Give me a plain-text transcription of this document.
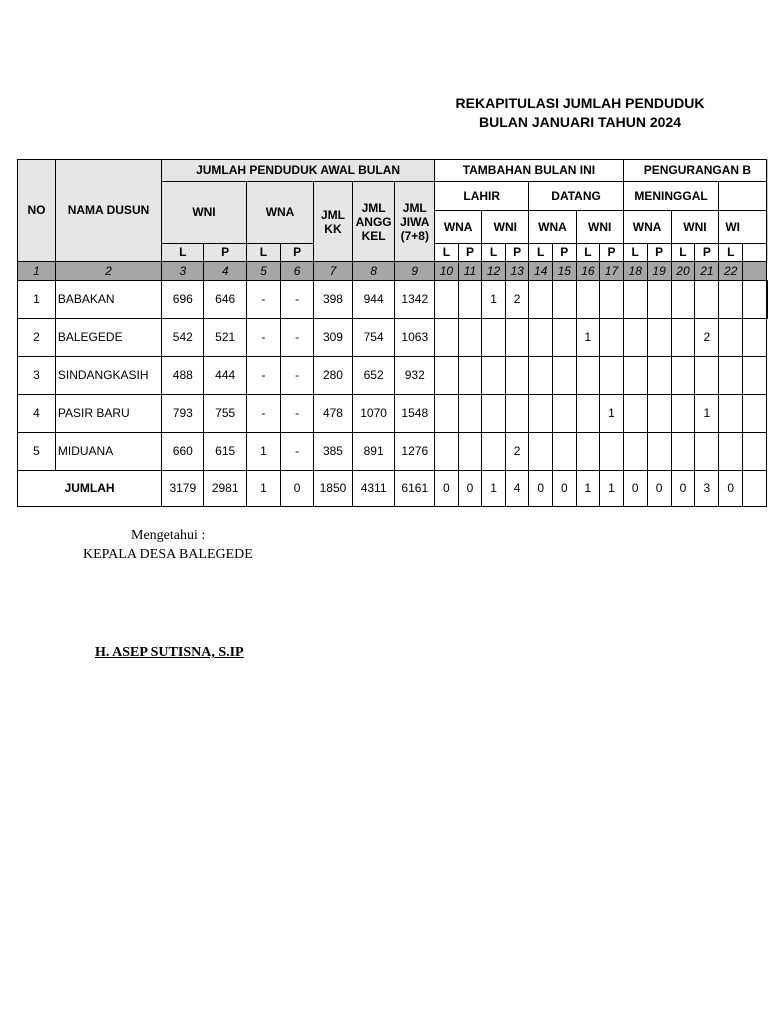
REKAPITULASI JUMLAH PENDUDUK
BULAN JANUARI TAHUN 2024
NO	NAMA DUSUN	JUMLAH PENDUDUK AWAL BULAN							TAMBAHAN BULAN INI								PENGURANGAN B						
		WNI		WNA		JML KK	JML ANGG KEL	JML JIWA (7+8)	LAHIR				DATANG				MENINGGAL						
									WNA		WNI		WNA		WNI		WNA		WNI		WI		
		L	P	L	P				L	P	L	P	L	P	L	P	L	P	L	P	L		
1	2	3	4	5	6	7	8	9	10	11	12	13	14	15	16	17	18	19	20	21	22		
1	BABAKAN	696	646	-	-	398	944	1342			1	2											
2	BALEGEDE	542	521	-	-	309	754	1063							1					2			
3	SINDANGKASIH	488	444	-	-	280	652	932															
4	PASIR BARU	793	755	-	-	478	1070	1548								1				1			
5	MIDUANA	660	615	1	-	385	891	1276				2											
JUMLAH		3179	2981	1	0	1850	4311	6161	0	0	1	4	0	0	1	1	0	0	0	3	0		
Mengetahui :
KEPALA DESA BALEGEDE
H. ASEP SUTISNA, S.IP
